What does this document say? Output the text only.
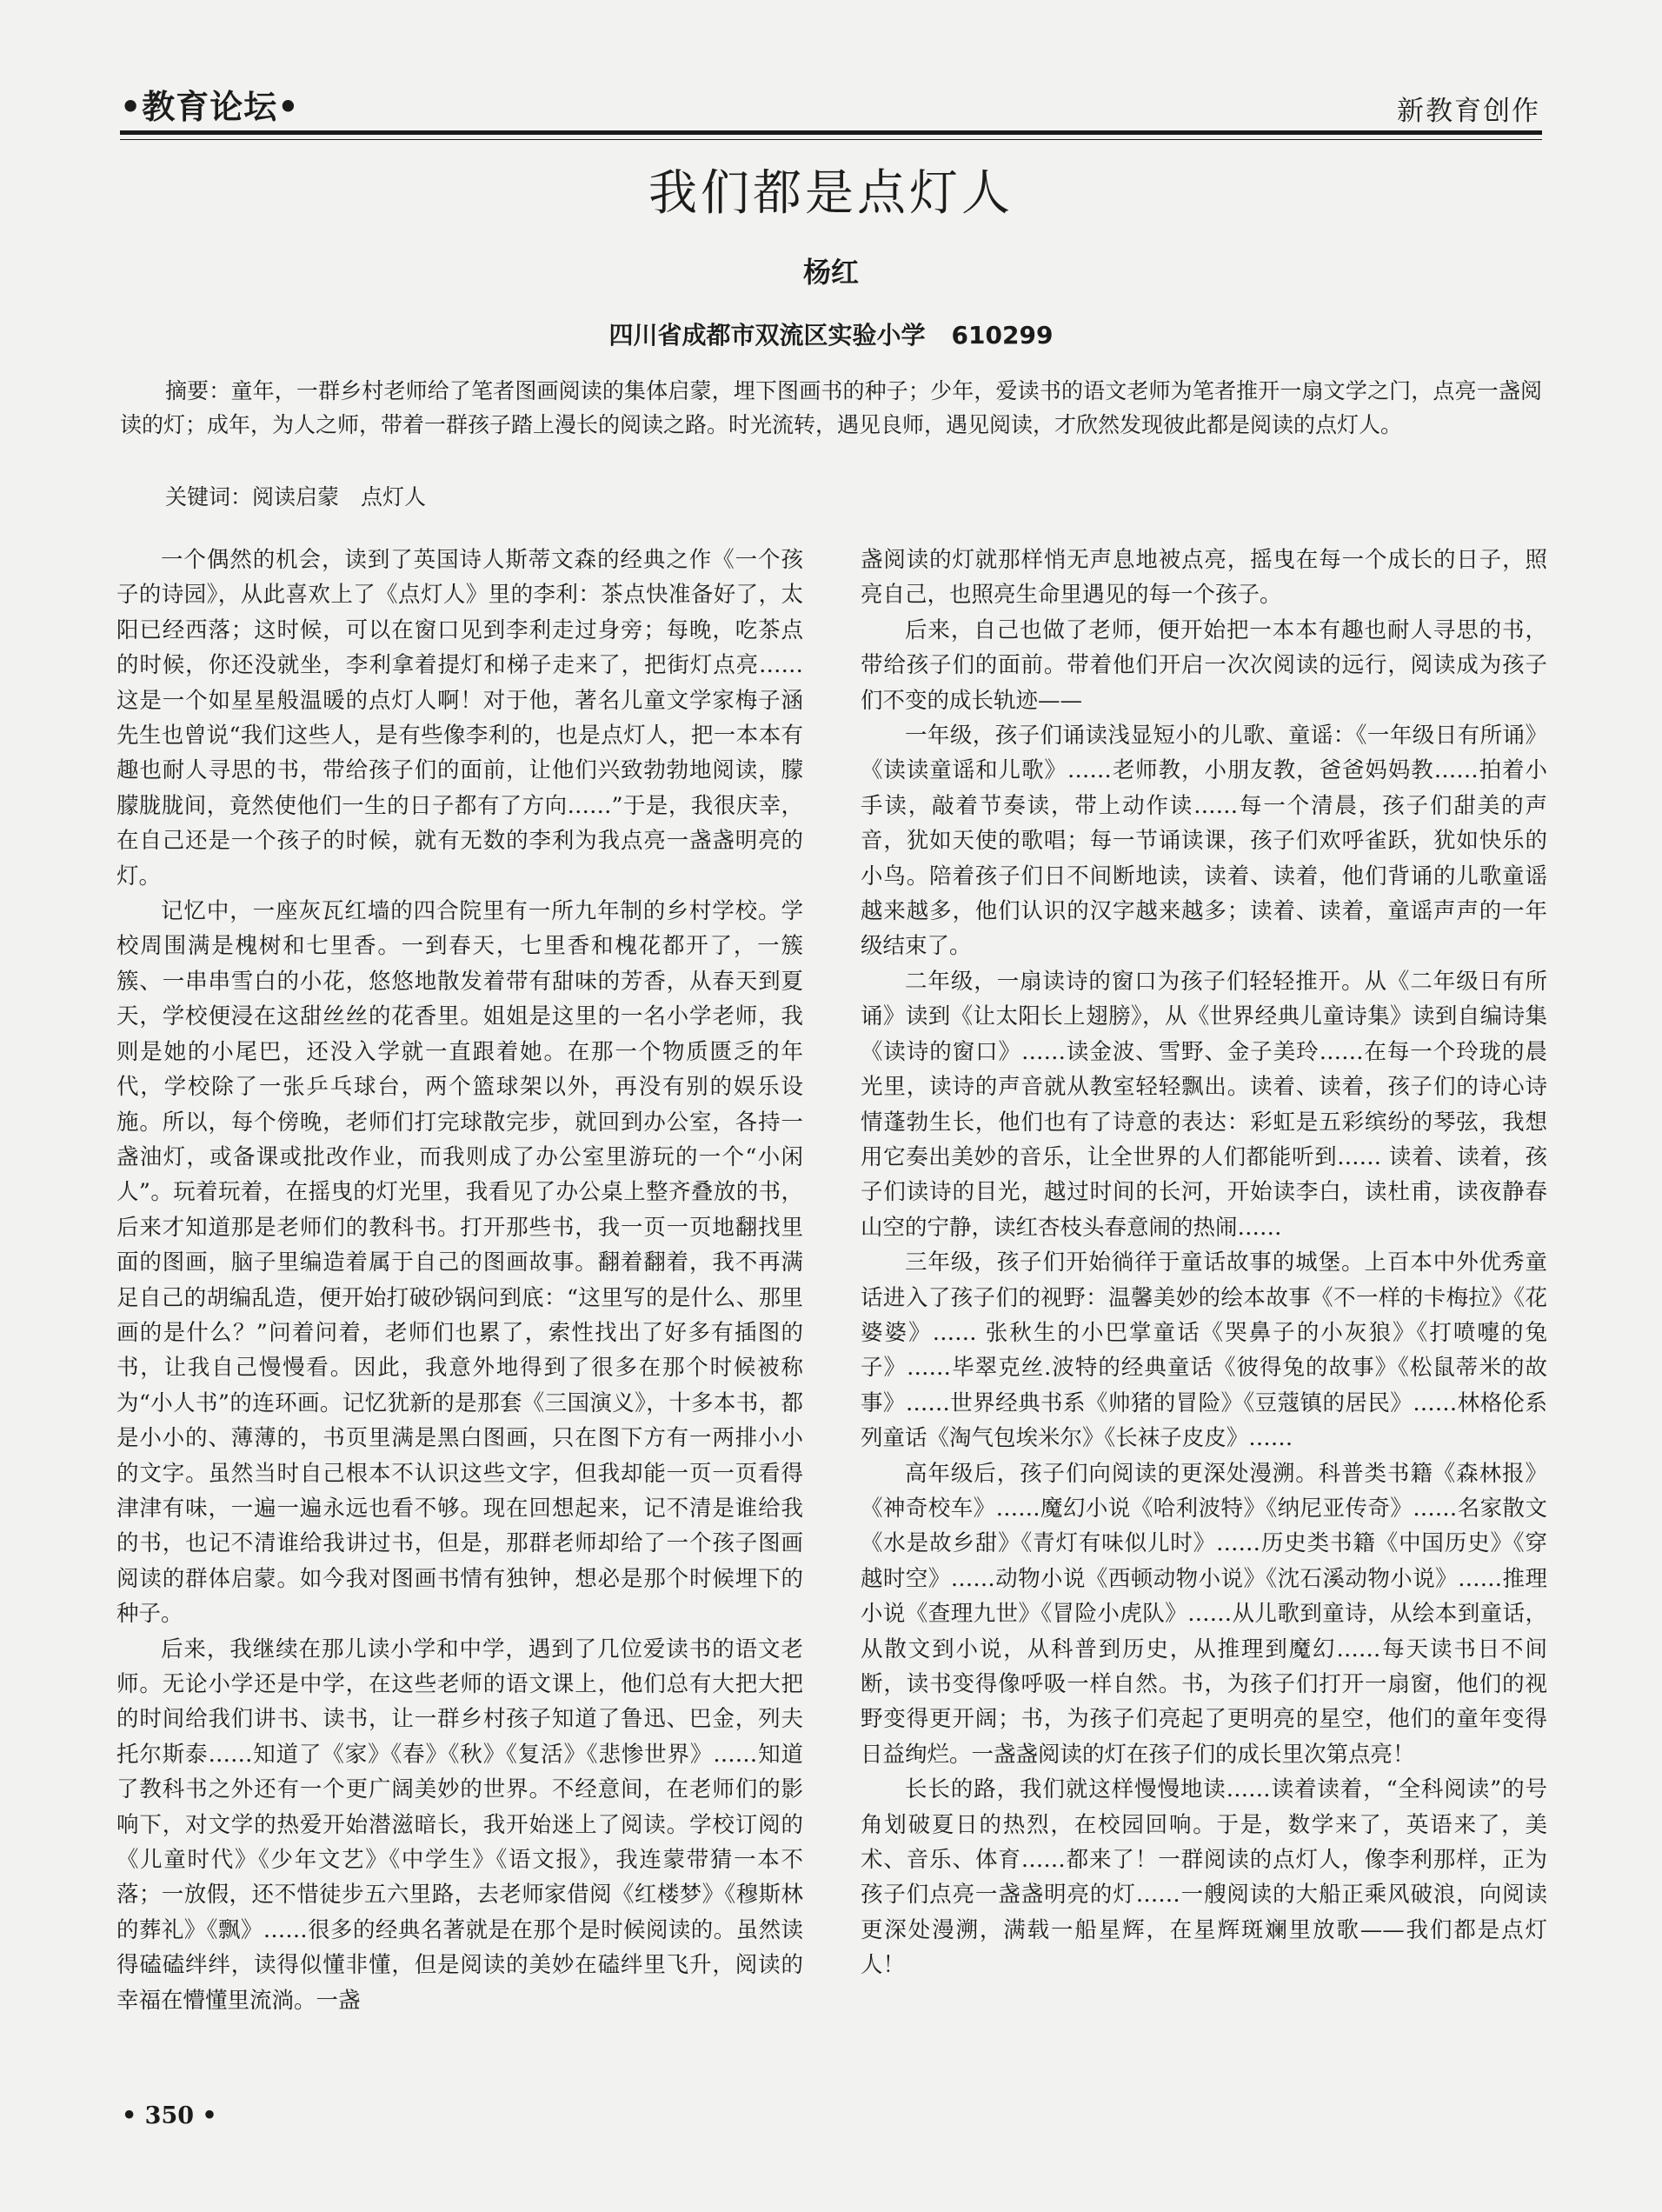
•教育论坛•	新教育创作
我们都是点灯人
杨红
四川省成都市双流区实验小学 610299
摘要：童年，一群乡村老师给了笔者图画阅读的集体启蒙，埋下图画书的种子；少年，爱读书的语文老师为笔者推开一扇文学之门，点亮一盏阅读的灯；成年，为人之师，带着一群孩子踏上漫长的阅读之路。时光流转，遇见良师，遇见阅读，才欣然发现彼此都是阅读的点灯人。
关键词：阅读启蒙　点灯人

一个偶然的机会，读到了英国诗人斯蒂文森的经典之作《一个孩子的诗园》，从此喜欢上了《点灯人》里的李利：茶点快准备好了，太阳已经西落；这时候，可以在窗口见到李利走过身旁；每晚，吃茶点的时候，你还没就坐，李利拿着提灯和梯子走来了，把街灯点亮……这是一个如星星般温暖的点灯人啊！对于他，著名儿童文学家梅子涵先生也曾说“我们这些人，是有些像李利的，也是点灯人，把一本本有趣也耐人寻思的书，带给孩子们的面前，让他们兴致勃勃地阅读，朦朦胧胧间，竟然使他们一生的日子都有了方向……”于是，我很庆幸，在自己还是一个孩子的时候，就有无数的李利为我点亮一盏盏明亮的灯。

记忆中，一座灰瓦红墙的四合院里有一所九年制的乡村学校。学校周围满是槐树和七里香。一到春天，七里香和槐花都开了，一簇簇、一串串雪白的小花，悠悠地散发着带有甜味的芳香，从春天到夏天，学校便浸在这甜丝丝的花香里。姐姐是这里的一名小学老师，我则是她的小尾巴，还没入学就一直跟着她。在那一个物质匮乏的年代，学校除了一张乒乓球台，两个篮球架以外，再没有别的娱乐设施。所以，每个傍晚，老师们打完球散完步，就回到办公室，各持一盏油灯，或备课或批改作业，而我则成了办公室里游玩的一个“小闲人”。玩着玩着，在摇曳的灯光里，我看见了办公桌上整齐叠放的书，后来才知道那是老师们的教科书。打开那些书，我一页一页地翻找里面的图画，脑子里编造着属于自己的图画故事。翻着翻着，我不再满足自己的胡编乱造，便开始打破砂锅问到底：“这里写的是什么、那里画的是什么？”问着问着，老师们也累了，索性找出了好多有插图的书，让我自己慢慢看。因此，我意外地得到了很多在那个时候被称为“小人书”的连环画。记忆犹新的是那套《三国演义》，十多本书，都是小小的、薄薄的，书页里满是黑白图画，只在图下方有一两排小小的文字。虽然当时自己根本不认识这些文字，但我却能一页一页看得津津有味，一遍一遍永远也看不够。现在回想起来，记不清是谁给我的书，也记不清谁给我讲过书，但是，那群老师却给了一个孩子图画阅读的群体启蒙。如今我对图画书情有独钟，想必是那个时候埋下的种子。

后来，我继续在那儿读小学和中学，遇到了几位爱读书的语文老师。无论小学还是中学，在这些老师的语文课上，他们总有大把大把的时间给我们讲书、读书，让一群乡村孩子知道了鲁迅、巴金，列夫托尔斯泰……知道了《家》《春》《秋》《复活》《悲惨世界》……知道了教科书之外还有一个更广阔美妙的世界。不经意间，在老师们的影响下，对文学的热爱开始潜滋暗长，我开始迷上了阅读。学校订阅的《儿童时代》《少年文艺》《中学生》《语文报》，我连蒙带猜一本不落；一放假，还不惜徒步五六里路，去老师家借阅《红楼梦》《穆斯林的葬礼》《飘》……很多的经典名著就是在那个是时候阅读的。虽然读得磕磕绊绊，读得似懂非懂，但是阅读的美妙在磕绊里飞升，阅读的幸福在懵懂里流淌。一盏

盏阅读的灯就那样悄无声息地被点亮，摇曳在每一个成长的日子，照亮自己，也照亮生命里遇见的每一个孩子。

后来，自己也做了老师，便开始把一本本有趣也耐人寻思的书，带给孩子们的面前。带着他们开启一次次阅读的远行，阅读成为孩子们不变的成长轨迹——

一年级，孩子们诵读浅显短小的儿歌、童谣：《一年级日有所诵》《读读童谣和儿歌》……老师教，小朋友教，爸爸妈妈教……拍着小手读，敲着节奏读，带上动作读……每一个清晨，孩子们甜美的声音，犹如天使的歌唱；每一节诵读课，孩子们欢呼雀跃，犹如快乐的小鸟。陪着孩子们日不间断地读，读着、读着，他们背诵的儿歌童谣越来越多，他们认识的汉字越来越多；读着、读着，童谣声声的一年级结束了。

二年级，一扇读诗的窗口为孩子们轻轻推开。从《二年级日有所诵》读到《让太阳长上翅膀》，从《世界经典儿童诗集》读到自编诗集《读诗的窗口》……读金波、雪野、金子美玲……在每一个玲珑的晨光里，读诗的声音就从教室轻轻飘出。读着、读着，孩子们的诗心诗情蓬勃生长，他们也有了诗意的表达：彩虹是五彩缤纷的琴弦，我想用它奏出美妙的音乐，让全世界的人们都能听到…… 读着、读着，孩子们读诗的目光，越过时间的长河，开始读李白，读杜甫，读夜静春山空的宁静，读红杏枝头春意闹的热闹……

三年级，孩子们开始徜徉于童话故事的城堡。上百本中外优秀童话进入了孩子们的视野：温馨美妙的绘本故事《不一样的卡梅拉》《花婆婆》…… 张秋生的小巴掌童话《哭鼻子的小灰狼》《打喷嚏的兔子》……毕翠克丝.波特的经典童话《彼得兔的故事》《松鼠蒂米的故事》……世界经典书系《帅猪的冒险》《豆蔻镇的居民》……林格伦系列童话《淘气包埃米尔》《长袜子皮皮》……

高年级后，孩子们向阅读的更深处漫溯。科普类书籍《森林报》《神奇校车》……魔幻小说《哈利波特》《纳尼亚传奇》……名家散文《水是故乡甜》《青灯有味似儿时》……历史类书籍《中国历史》《穿越时空》……动物小说《西顿动物小说》《沈石溪动物小说》……推理小说《查理九世》《冒险小虎队》……从儿歌到童诗，从绘本到童话，从散文到小说，从科普到历史，从推理到魔幻……每天读书日不间断，读书变得像呼吸一样自然。书，为孩子们打开一扇窗，他们的视野变得更开阔；书，为孩子们亮起了更明亮的星空，他们的童年变得日益绚烂。一盏盏阅读的灯在孩子们的成长里次第点亮！

长长的路，我们就这样慢慢地读……读着读着，“全科阅读”的号角划破夏日的热烈，在校园回响。于是，数学来了，英语来了，美术、音乐、体育……都来了！一群阅读的点灯人，像李利那样，正为孩子们点亮一盏盏明亮的灯……一艘阅读的大船正乘风破浪，向阅读更深处漫溯，满载一船星辉，在星辉斑斓里放歌——我们都是点灯人！

• 350 •
